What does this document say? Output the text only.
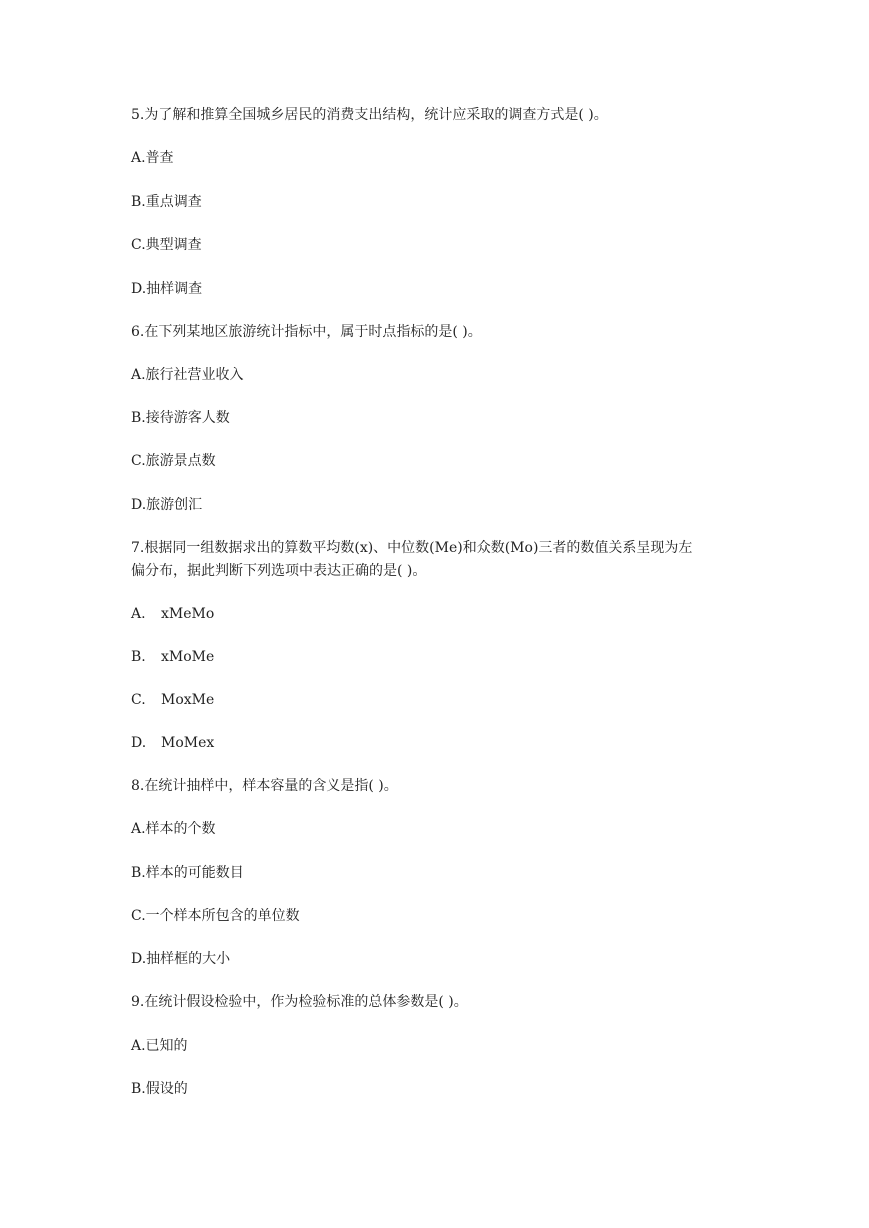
5.为了解和推算全国城乡居民的消费支出结构，统计应采取的调查方式是( )。
A.普查
B.重点调查
C.典型调查
D.抽样调查
6.在下列某地区旅游统计指标中，属于时点指标的是( )。
A.旅行社营业收入
B.接待游客人数
C.旅游景点数
D.旅游创汇
7.根据同一组数据求出的算数平均数(x)、中位数(Me)和众数(Mo)三者的数值关系呈现为左
偏分布，据此判断下列选项中表达正确的是( )。
A. xMeMo
B. xMoMe
C. MoxMe
D. MoMex
8.在统计抽样中，样本容量的含义是指( )。
A.样本的个数
B.样本的可能数目
C.一个样本所包含的单位数
D.抽样框的大小
9.在统计假设检验中，作为检验标准的总体参数是( )。
A.已知的
B.假设的
